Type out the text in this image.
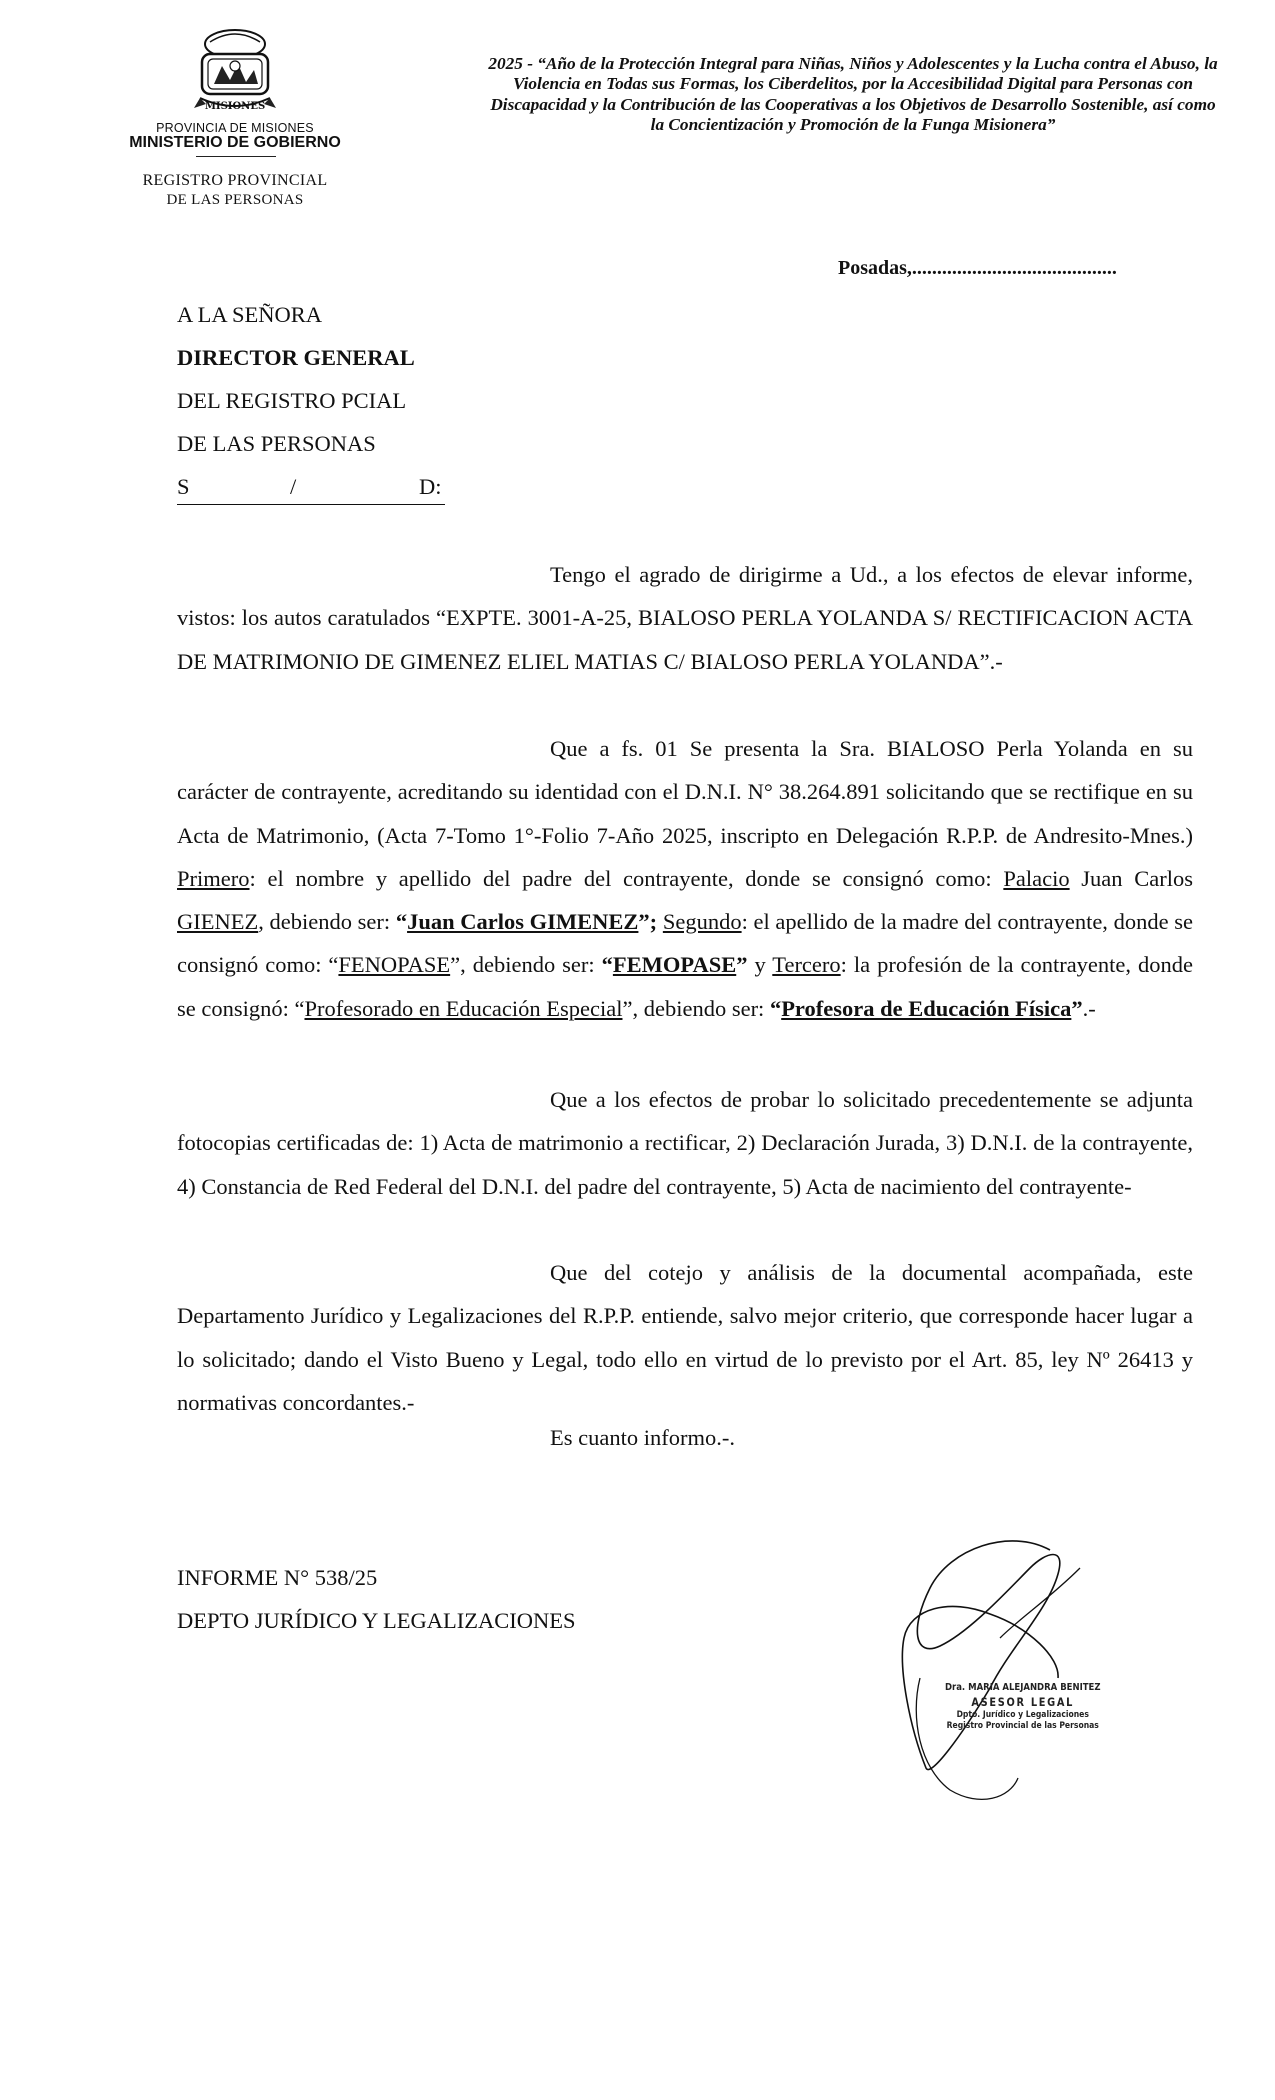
MISIONES
PROVINCIA DE MISIONES
MINISTERIO DE GOBIERNO
REGISTRO PROVINCIAL
DE LAS PERSONAS
2025 - “Año de la Protección Integral para Niñas, Niños y Adolescentes y la Lucha contra el Abuso, la Violencia en Todas sus Formas, los Ciberdelitos, por la Accesibilidad Digital para Personas con Discapacidad y la Contribución de las Cooperativas a los Objetivos de Desarrollo Sostenible, así como la Concientización y Promoción de la Funga Misionera”
Posadas,.........................................
A LA SEÑORA
DIRECTOR GENERAL
DEL REGISTRO PCIAL
DE LAS PERSONAS
S	/	D:
Tengo el agrado de dirigirme a Ud., a los efectos de elevar informe, vistos: los autos caratulados “EXPTE. 3001-A-25, BIALOSO PERLA YOLANDA S/ RECTIFICACION ACTA DE MATRIMONIO DE GIMENEZ ELIEL MATIAS C/ BIALOSO PERLA YOLANDA”.-
Que a fs. 01 Se presenta la Sra. BIALOSO Perla Yolanda en su carácter de contrayente, acreditando su identidad con el D.N.I. N° 38.264.891 solicitando que se rectifique en su Acta de Matrimonio, (Acta 7-Tomo 1°-Folio 7-Año 2025, inscripto en Delegación R.P.P. de Andresito-Mnes.) Primero: el nombre y apellido del padre del contrayente, donde se consignó como: Palacio Juan Carlos GIENEZ, debiendo ser: “Juan Carlos GIMENEZ”; Segundo: el apellido de la madre del contrayente, donde se consignó como: “FENOPASE”, debiendo ser: “FEMOPASE” y Tercero: la profesión de la contrayente, donde se consignó: “Profesorado en Educación Especial”, debiendo ser: “Profesora de Educación Física”.-
Que a los efectos de probar lo solicitado precedentemente se adjunta fotocopias certificadas de: 1) Acta de matrimonio a rectificar, 2) Declaración Jurada, 3) D.N.I. de la contrayente, 4) Constancia de Red Federal del D.N.I. del padre del contrayente, 5) Acta de nacimiento del contrayente-
Que del cotejo y análisis de la documental acompañada, este Departamento Jurídico y Legalizaciones del R.P.P. entiende, salvo mejor criterio, que corresponde hacer lugar a lo solicitado; dando el Visto Bueno y Legal, todo ello en virtud de lo previsto por el Art. 85, ley Nº 26413 y normativas concordantes.-
Es cuanto informo.-.
INFORME N° 538/25
DEPTO JURÍDICO Y LEGALIZACIONES
Dra. MARIA ALEJANDRA BENITEZ
ASESOR LEGAL
Dpto. Jurídico y Legalizaciones
Registro Provincial de las Personas
